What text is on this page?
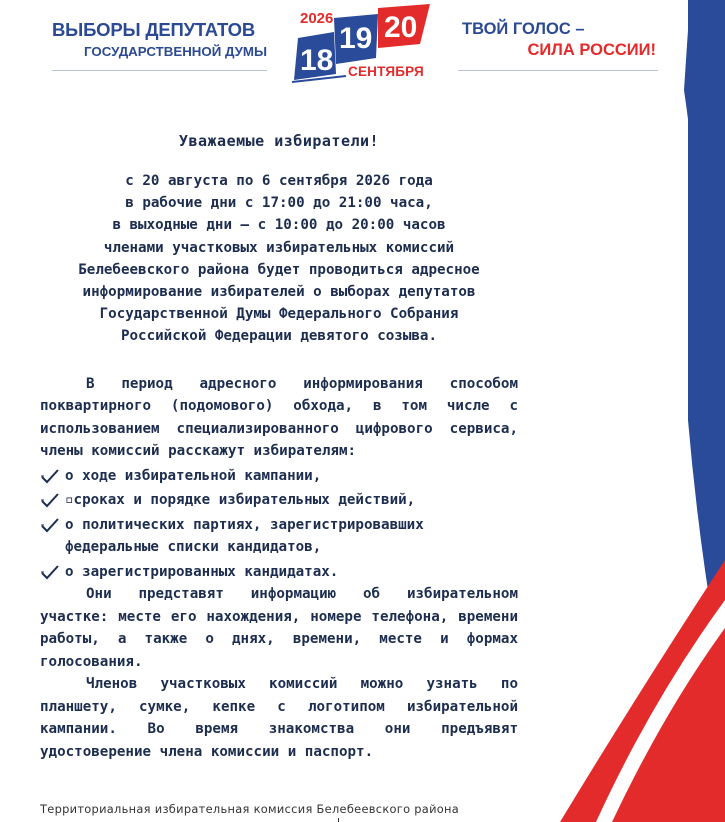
ВЫБОРЫ ДЕПУТАТОВ
ГОСУДАРСТВЕННОЙ ДУМЫ
2026
18
19 20
СЕНТЯБРЯ
ТВОЙ ГОЛОС –
СИЛА РОССИИ!

Уважаемые избиратели!

с 20 августа по 6 сентября 2026 года
в рабочие дни с 17:00 до 21:00 часа,
в выходные дни – с 10:00 до 20:00 часов
членами участковых избирательных комиссий
Белебеевского района будет проводиться адресное
информирование избирателей о выборах депутатов
Государственной Думы Федерального Собрания
Российской Федерации девятого созыва.

В период адресного информирования способом поквартирного (подомового) обхода, в том числе с использованием специализированного цифрового сервиса, члены комиссий расскажут избирателям:

о ходе избирательной кампании,
▫сроках и порядке избирательных действий,
о политических партиях, зарегистрировавших федеральные списки кандидатов,
о зарегистрированных кандидатах.

Они представят информацию об избирательном участке: месте его нахождения, номере телефона, времени работы, а также о днях, времени, месте и формах голосования.

Членов участковых комиссий можно узнать по планшету, сумке, кепке с логотипом избирательной кампании. Во время знакомства они предъявят удостоверение члена комиссии и паспорт.

Территориальная избирательная комиссия Белебеевского района
